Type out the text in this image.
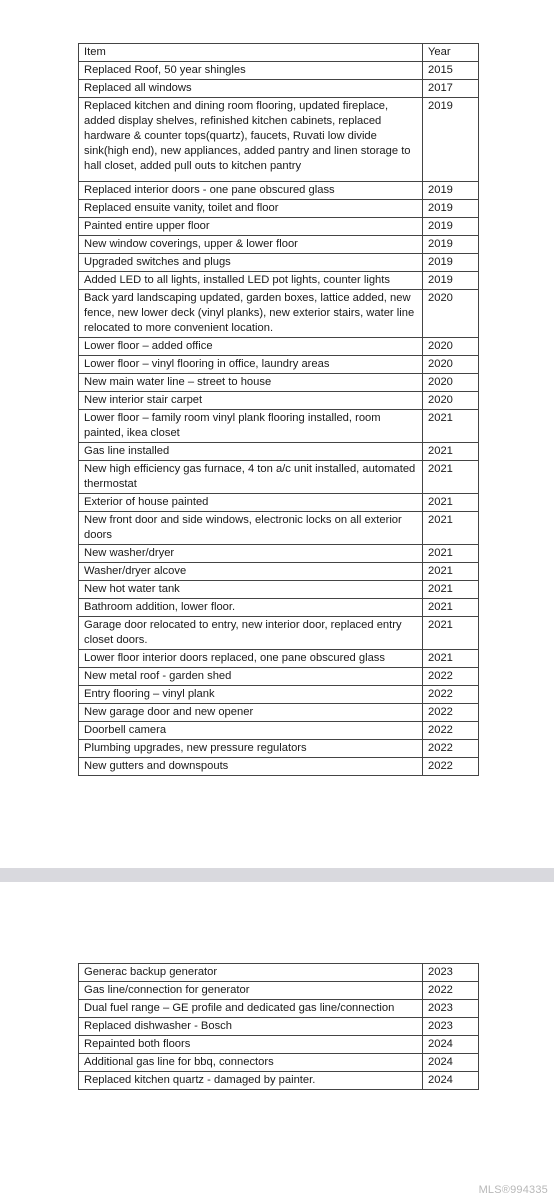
Item	Year
Replaced Roof, 50 year shingles	2015
Replaced all windows	2017
Replaced kitchen and dining room flooring, updated fireplace, added display shelves, refinished kitchen cabinets, replaced hardware & counter tops(quartz), faucets, Ruvati low divide sink(high end), new appliances, added pantry and linen storage to hall closet, added pull outs to kitchen pantry	2019
Replaced interior doors - one pane obscured glass	2019
Replaced ensuite vanity, toilet and floor	2019
Painted entire upper floor	2019
New window coverings, upper & lower floor	2019
Upgraded switches and plugs	2019
Added LED to all lights, installed LED pot lights, counter lights	2019
Back yard landscaping updated, garden boxes, lattice added, new fence, new lower deck (vinyl planks), new exterior stairs, water line relocated to more convenient location.	2020
Lower floor – added office	2020
Lower floor – vinyl flooring in office, laundry areas	2020
New main water line – street to house	2020
New interior stair carpet	2020
Lower floor – family room vinyl plank flooring installed, room painted, ikea closet	2021
Gas line installed	2021
New high efficiency gas furnace, 4 ton a/c unit installed, automated thermostat	2021
Exterior of house painted	2021
New front door and side windows, electronic locks on all exterior doors	2021
New washer/dryer	2021
Washer/dryer alcove	2021
New hot water tank	2021
Bathroom addition, lower floor.	2021
Garage door relocated to entry, new interior door, replaced entry closet doors.	2021
Lower floor interior doors replaced, one pane obscured glass	2021
New metal roof - garden shed	2022
Entry flooring – vinyl plank	2022
New garage door and new opener	2022
Doorbell camera	2022
Plumbing upgrades, new pressure regulators	2022
New gutters and downspouts	2022
Generac backup generator	2023
Gas line/connection for generator	2022
Dual fuel range – GE profile and dedicated gas line/connection	2023
Replaced dishwasher - Bosch	2023
Repainted both floors	2024
Additional gas line for bbq, connectors	2024
Replaced kitchen quartz - damaged by painter.	2024
MLS®994335
